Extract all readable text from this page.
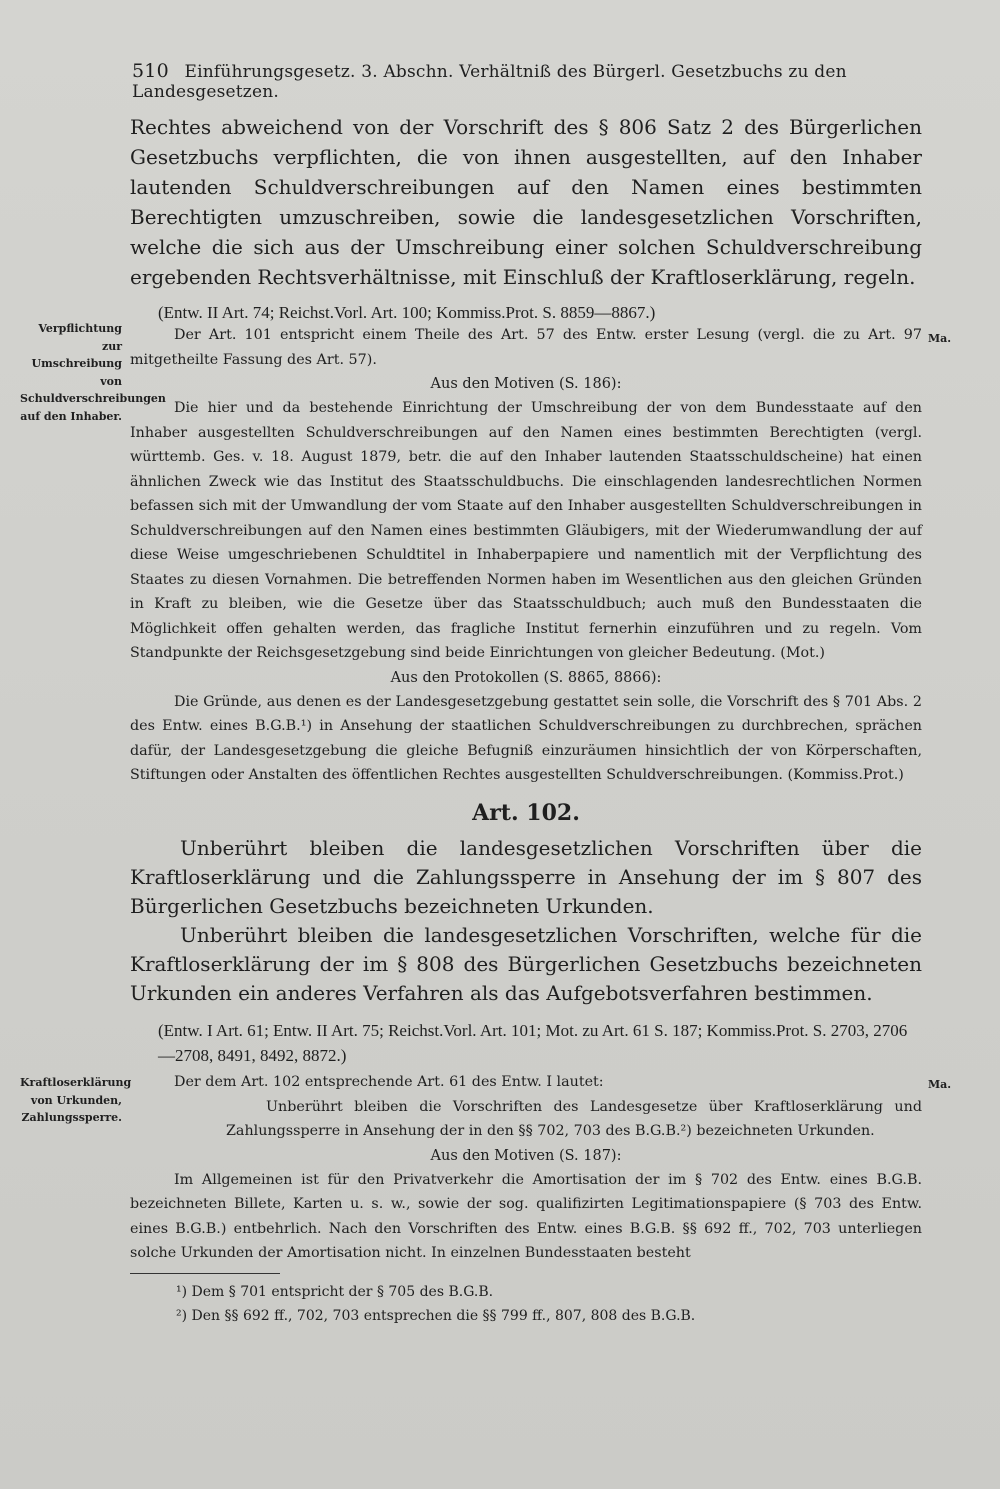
510 Einführungsgesetz. 3. Abschn. Verhältniß des Bürgerl. Gesetzbuchs zu den Landesgesetzen.

Rechtes abweichend von der Vorschrift des § 806 Satz 2 des Bürgerlichen Gesetzbuchs verpflichten, die von ihnen ausgestellten, auf den Inhaber lautenden Schuldverschreibungen auf den Namen eines bestimmten Berechtigten umzuschreiben, sowie die landesgesetzlichen Vorschriften, welche die sich aus der Umschreibung einer solchen Schuldverschreibung ergebenden Rechtsverhältnisse, mit Einschluß der Kraftloserklärung, regeln.

(Entw. II Art. 74; Reichst.Vorl. Art. 100; Kommiss.Prot. S. 8859—8867.)
Verpflichtung zur Umschreibung von Schuldverschreibungen auf den Inhaber.
Ma.

Der Art. 101 entspricht einem Theile des Art. 57 des Entw. erster Lesung (vergl. die zu Art. 97 mitgetheilte Fassung des Art. 57).

Aus den Motiven (S. 186):

Die hier und da bestehende Einrichtung der Umschreibung der von dem Bundesstaate auf den Inhaber ausgestellten Schuldverschreibungen auf den Namen eines bestimmten Berechtigten (vergl. württemb. Ges. v. 18. August 1879, betr. die auf den Inhaber lautenden Staatsschuldscheine) hat einen ähnlichen Zweck wie das Institut des Staatsschuldbuchs. Die einschlagenden landesrechtlichen Normen befassen sich mit der Umwandlung der vom Staate auf den Inhaber ausgestellten Schuldverschreibungen in Schuldverschreibungen auf den Namen eines bestimmten Gläubigers, mit der Wiederumwandlung der auf diese Weise umgeschriebenen Schuldtitel in Inhaberpapiere und namentlich mit der Verpflichtung des Staates zu diesen Vornahmen. Die betreffenden Normen haben im Wesentlichen aus den gleichen Gründen in Kraft zu bleiben, wie die Gesetze über das Staatsschuldbuch; auch muß den Bundesstaaten die Möglichkeit offen gehalten werden, das fragliche Institut fernerhin einzuführen und zu regeln. Vom Standpunkte der Reichsgesetzgebung sind beide Einrichtungen von gleicher Bedeutung. (Mot.)

Aus den Protokollen (S. 8865, 8866):

Die Gründe, aus denen es der Landesgesetzgebung gestattet sein solle, die Vorschrift des § 701 Abs. 2 des Entw. eines B.G.B.¹) in Ansehung der staatlichen Schuldverschreibungen zu durchbrechen, sprächen dafür, der Landesgesetzgebung die gleiche Befugniß einzuräumen hinsichtlich der von Körperschaften, Stiftungen oder Anstalten des öffentlichen Rechtes ausgestellten Schuldverschreibungen. (Kommiss.Prot.)

Art. 102.

Unberührt bleiben die landesgesetzlichen Vorschriften über die Kraftloserklärung und die Zahlungssperre in Ansehung der im § 807 des Bürgerlichen Gesetzbuchs bezeichneten Urkunden.

Unberührt bleiben die landesgesetzlichen Vorschriften, welche für die Kraftloserklärung der im § 808 des Bürgerlichen Gesetzbuchs bezeichneten Urkunden ein anderes Verfahren als das Aufgebotsverfahren bestimmen.

(Entw. I Art. 61; Entw. II Art. 75; Reichst.Vorl. Art. 101; Mot. zu Art. 61 S. 187; Kommiss.Prot. S. 2703, 2706—2708, 8491, 8492, 8872.)
Kraftloserklärung von Urkunden, Zahlungssperre.
Ma.

Der dem Art. 102 entsprechende Art. 61 des Entw. I lautet:

Unberührt bleiben die Vorschriften des Landesgesetze über Kraftloserklärung und Zahlungssperre in Ansehung der in den §§ 702, 703 des B.G.B.²) bezeichneten Urkunden.

Aus den Motiven (S. 187):

Im Allgemeinen ist für den Privatverkehr die Amortisation der im § 702 des Entw. eines B.G.B. bezeichneten Billete, Karten u. s. w., sowie der sog. qualifizirten Legitimationspapiere (§ 703 des Entw. eines B.G.B.) entbehrlich. Nach den Vorschriften des Entw. eines B.G.B. §§ 692 ff., 702, 703 unterliegen solche Urkunden der Amortisation nicht. In einzelnen Bundesstaaten besteht

¹) Dem § 701 entspricht der § 705 des B.G.B.
²) Den §§ 692 ff., 702, 703 entsprechen die §§ 799 ff., 807, 808 des B.G.B.
